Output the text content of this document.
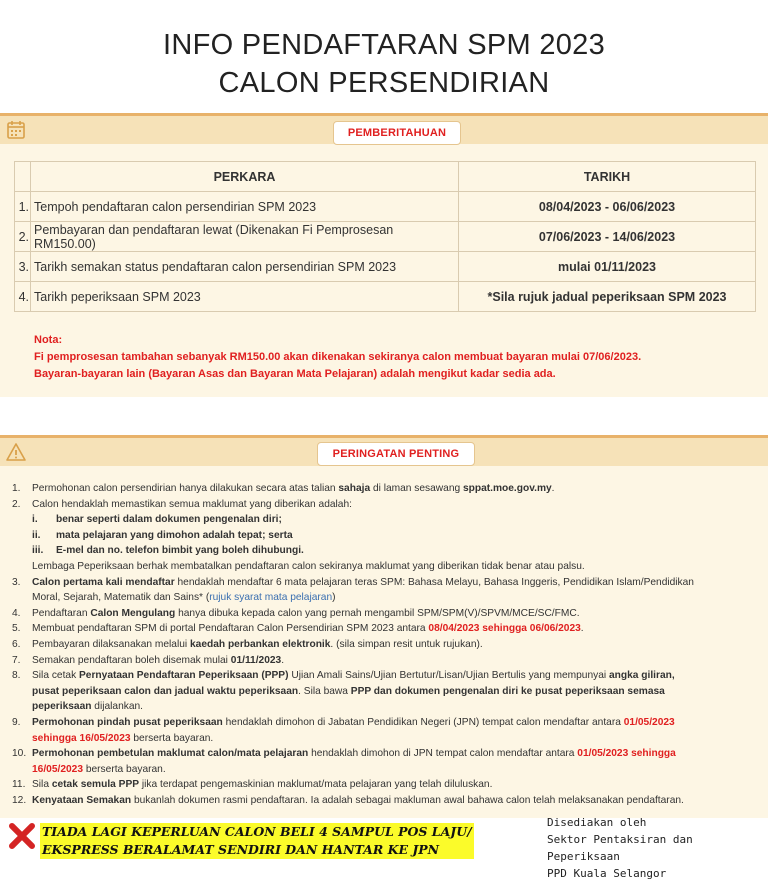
INFO PENDAFTARAN SPM 2023
CALON PERSENDIRIAN
PEMBERITAHUAN
	PERKARA	TARIKH
1.	Tempoh pendaftaran calon persendirian SPM 2023	08/04/2023 - 06/06/2023
2.	Pembayaran dan pendaftaran lewat (Dikenakan Fi Pemprosesan RM150.00)	07/06/2023 - 14/06/2023
3.	Tarikh semakan status pendaftaran calon persendirian SPM 2023	mulai 01/11/2023
4.	Tarikh peperiksaan SPM 2023	*Sila rujuk jadual peperiksaan SPM 2023
Nota:
Fi pemprosesan tambahan sebanyak RM150.00 akan dikenakan sekiranya calon membuat bayaran mulai 07/06/2023.
Bayaran-bayaran lain (Bayaran Asas dan Bayaran Mata Pelajaran) adalah mengikut kadar sedia ada.
PERINGATAN PENTING
1.	Permohonan calon persendirian hanya dilakukan secara atas talian sahaja di laman sesawang sppat.moe.gov.my.
2.	Calon hendaklah memastikan semua maklumat yang diberikan adalah:
i.	benar seperti dalam dokumen pengenalan diri;
ii.	mata pelajaran yang dimohon adalah tepat; serta
iii.	E-mel dan no. telefon bimbit yang boleh dihubungi.
Lembaga Peperiksaan berhak membatalkan pendaftaran calon sekiranya maklumat yang diberikan tidak benar atau palsu.
3.	Calon pertama kali mendaftar hendaklah mendaftar 6 mata pelajaran teras SPM: Bahasa Melayu, Bahasa Inggeris, Pendidikan Islam/Pendidikan
Moral, Sejarah, Matematik dan Sains* (rujuk syarat mata pelajaran)
4.	Pendaftaran Calon Mengulang hanya dibuka kepada calon yang pernah mengambil SPM/SPM(V)/SPVM/MCE/SC/FMC.
5.	Membuat pendaftaran SPM di portal Pendaftaran Calon Persendirian SPM 2023 antara 08/04/2023 sehingga 06/06/2023.
6.	Pembayaran dilaksanakan melalui kaedah perbankan elektronik. (sila simpan resit untuk rujukan).
7.	Semakan pendaftaran boleh disemak mulai 01/11/2023.
8.	Sila cetak Pernyataan Pendaftaran Peperiksaan (PPP) Ujian Amali Sains/Ujian Bertutur/Lisan/Ujian Bertulis yang mempunyai angka giliran,
pusat peperiksaan calon dan jadual waktu peperiksaan. Sila bawa PPP dan dokumen pengenalan diri ke pusat peperiksaan semasa
peperiksaan dijalankan.
9.	Permohonan pindah pusat peperiksaan hendaklah dimohon di Jabatan Pendidikan Negeri (JPN) tempat calon mendaftar antara 01/05/2023
sehingga 16/05/2023 berserta bayaran.
10. Permohonan pembetulan maklumat calon/mata pelajaran hendaklah dimohon di JPN tempat calon mendaftar antara 01/05/2023 sehingga
16/05/2023 berserta bayaran.
11. Sila cetak semula PPP jika terdapat pengemaskinian maklumat/mata pelajaran yang telah diluluskan.
12. Kenyataan Semakan bukanlah dokumen rasmi pendaftaran. Ia adalah sebagai makluman awal bahawa calon telah melaksanakan pendaftaran.
TIADA LAGI KEPERLUAN CALON BELI 4 SAMPUL POS LAJU/
EKSPRESS BERALAMAT SENDIRI DAN HANTAR KE JPN
Disediakan oleh
Sektor Pentaksiran dan Peperiksaan
PPD Kuala Selangor
